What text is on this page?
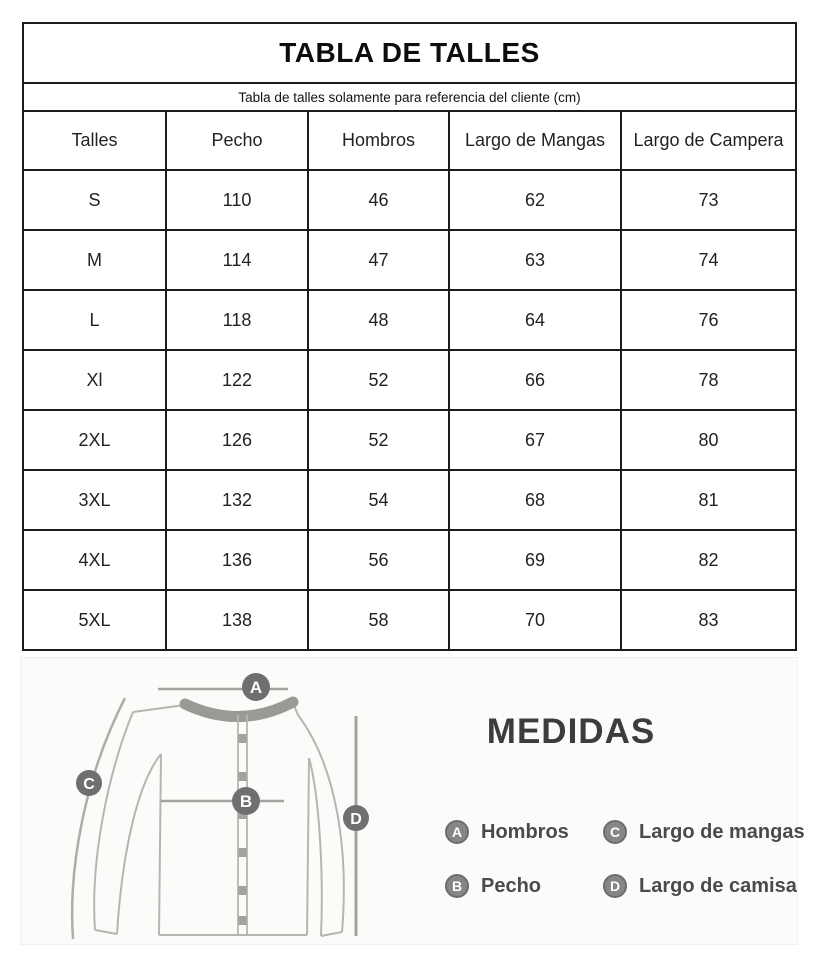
TABLA DE TALLES				
Tabla de talles solamente para referencia del cliente (cm)				
Talles	Pecho	Hombros	Largo de Mangas	Largo de Campera
S	110	46	62	73
M	114	47	63	74
L	118	48	64	76
Xl	122	52	66	78
2XL	126	52	67	80
3XL	132	54	68	81
4XL	136	56	69	82
5XL	138	58	70	83
A
B
C
D
MEDIDAS
A Hombros	C Largo de mangas
B Pecho	D Largo de camisa
